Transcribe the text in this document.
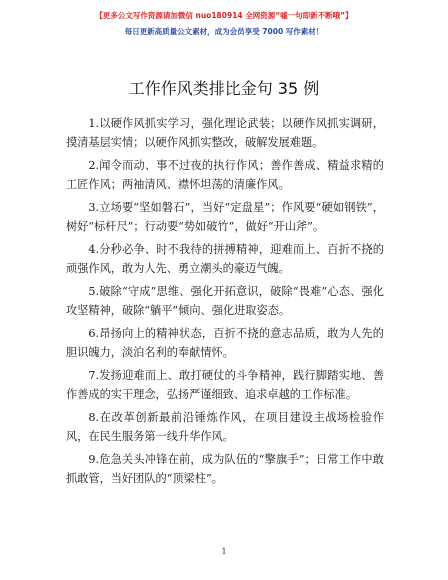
【更多公文写作资源请加微信 nuo180914 全网资源“嘘一句即新不断哦”】
每日更新高质量公文素材，成为会员享受 7000 写作素材！
工作作风类排比金句 35 例

1.以硬作风抓实学习，强化理论武装；以硬作风抓实调研，摸清基层实情；以硬作风抓实整改，破解发展难题。

2.闻令而动、事不过夜的执行作风；善作善成、精益求精的工匠作风；两袖清风、襟怀坦荡的清廉作风。

3.立场要“坚如磐石”，当好“定盘星”；作风要“硬如钢铁”，树好“标杆尺”；行动要“势如破竹”，做好“开山斧”。

4.分秒必争、时不我待的拼搏精神，迎难而上、百折不挠的顽强作风，敢为人先、勇立潮头的豪迈气魄。

5.破除“守成”思维、强化开拓意识，破除“畏难”心态、强化攻坚精神，破除“躺平”倾向、强化进取姿态。

6.昂扬向上的精神状态，百折不挠的意志品质，敢为人先的胆识魄力，淡泊名利的奉献情怀。

7.发扬迎难而上、敢打硬仗的斗争精神，践行脚踏实地、善作善成的实干理念，弘扬严谨细致、追求卓越的工作标准。

8.在改革创新最前沿锤炼作风，在项目建设主战场检验作风，在民生服务第一线升华作风。

9.危急关头冲锋在前，成为队伍的“擎旗手”；日常工作中敢抓敢管，当好团队的“顶梁柱”。

1
